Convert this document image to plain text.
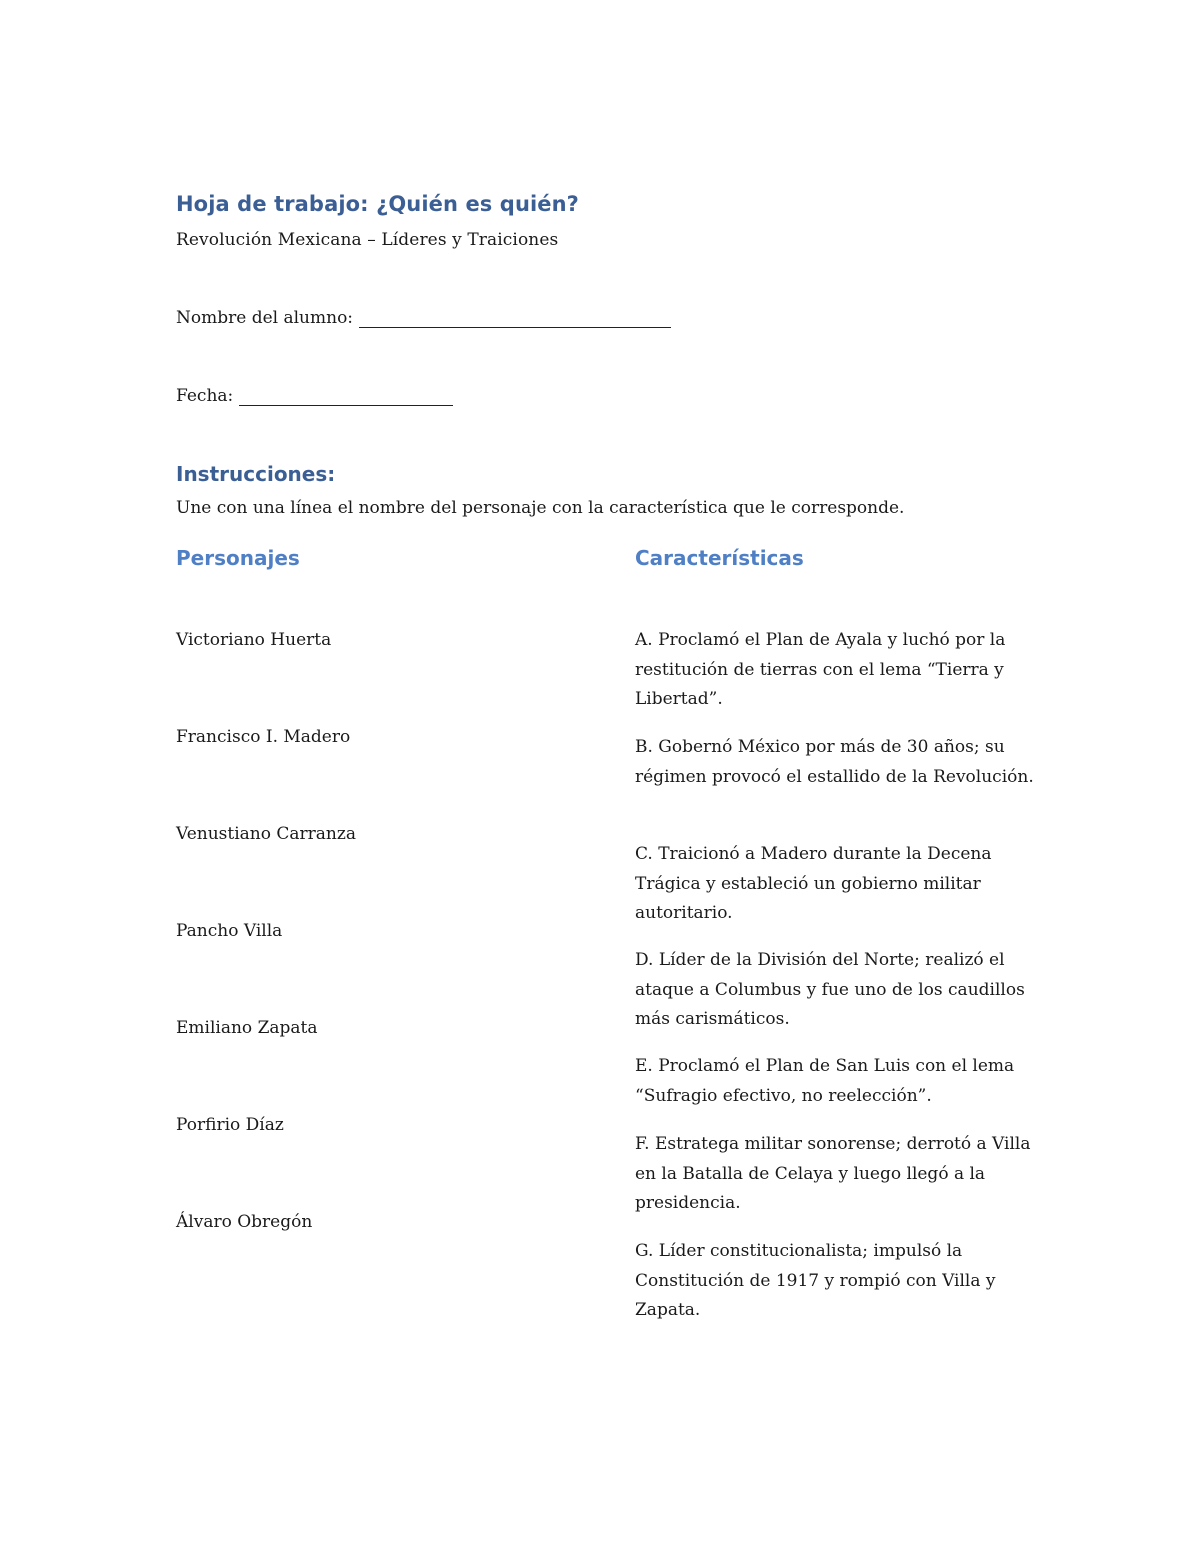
Hoja de trabajo: ¿Quién es quién?
Revolución Mexicana – Líderes y Traiciones
Nombre del alumno:
Fecha:
Instrucciones:
Une con una línea el nombre del personaje con la característica que le corresponde.
Personajes	Características
Victoriano Huerta
Francisco I. Madero
Venustiano Carranza
Pancho Villa
Emiliano Zapata
Porfirio Díaz
Álvaro Obregón
A. Proclamó el Plan de Ayala y luchó por la restitución de tierras con el lema “Tierra y Libertad”.
B. Gobernó México por más de 30 años; su régimen provocó el estallido de la Revolución.
C. Traicionó a Madero durante la Decena Trágica y estableció un gobierno militar autoritario.
D. Líder de la División del Norte; realizó el ataque a Columbus y fue uno de los caudillos más carismáticos.
E. Proclamó el Plan de San Luis con el lema “Sufragio efectivo, no reelección”.
F. Estratega militar sonorense; derrotó a Villa en la Batalla de Celaya y luego llegó a la presidencia.
G. Líder constitucionalista; impulsó la Constitución de 1917 y rompió con Villa y Zapata.
